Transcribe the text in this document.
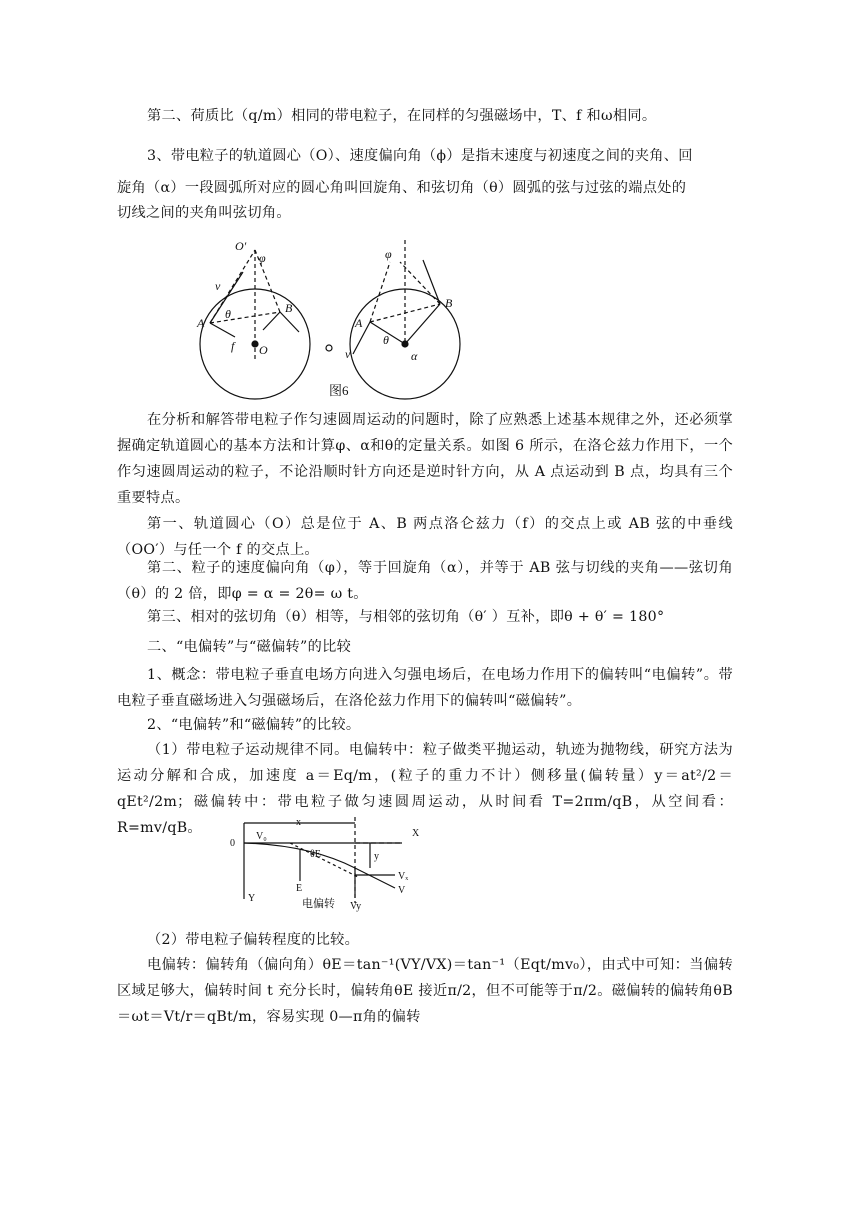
第二、荷质比（q/m）相同的带电粒子，在同样的匀强磁场中，T、f 和ω相同。
3、带电粒子的轨道圆心（O）、速度偏向角（ϕ）是指末速度与初速度之间的夹角、回
旋角（α）一段圆弧所对应的圆心角叫回旋角、和弦切角（θ）圆弧的弦与过弦的端点处的
切线之间的夹角叫弦切角。
在分析和解答带电粒子作匀速圆周运动的问题时，除了应熟悉上述基本规律之外，还必须掌握确定轨道圆心的基本方法和计算φ、α和θ的定量关系。如图 6 所示，在洛仑兹力作用下，一个作匀速圆周运动的粒子，不论沿顺时针方向还是逆时针方向，从 A 点运动到 B 点，均具有三个重要特点。
第一、轨道圆心（O）总是位于 A、B 两点洛仑兹力（f）的交点上或 AB 弦的中垂线（OO′）与任一个 f 的交点上。
第二、粒子的速度偏向角（φ），等于回旋角（α），并等于 AB 弦与切线的夹角——弦切角（θ）的 2 倍，即φ = α = 2θ= ω t。
第三、相对的弦切角（θ）相等，与相邻的弦切角（θ′ ）互补，即θ + θ′ = 180°
二、“电偏转”与“磁偏转”的比较
1、概念：带电粒子垂直电场方向进入匀强电场后，在电场力作用下的偏转叫“电偏转”。带电粒子垂直磁场进入匀强磁场后，在洛伦兹力作用下的偏转叫“磁偏转”。
2、“电偏转”和“磁偏转”的比较。
（1）带电粒子运动规律不同。电偏转中：粒子做类平抛运动，轨迹为抛物线，研究方法为运动分解和合成，加速度 a＝Eq/m，(粒子的重力不计）侧移量(偏转量）y＝at²/2＝qEt²/2m；磁偏转中：带电粒子做匀速圆周运动，从时间看 T=2πm/qB，从空间看：R=mv/qB。
（2）带电粒子偏转程度的比较。
电偏转：偏转角（偏向角）θE＝tan⁻¹(VY/VX)＝tan⁻¹（Eqt/mv₀），由式中可知：当偏转区域足够大，偏转时间 t 充分长时，偏转角θE 接近π/2，但不可能等于π/2。磁偏转的偏转角θB＝ωt＝Vt/r＝qBt/m，容易实现 0—π角的偏转
O′
O
A
B
v
f
θ
φ
A
B
v
θ
α
φ
图6
0
x
X
V₀
θE	y
Vₓ
E
Y
Vy
V
电偏转
